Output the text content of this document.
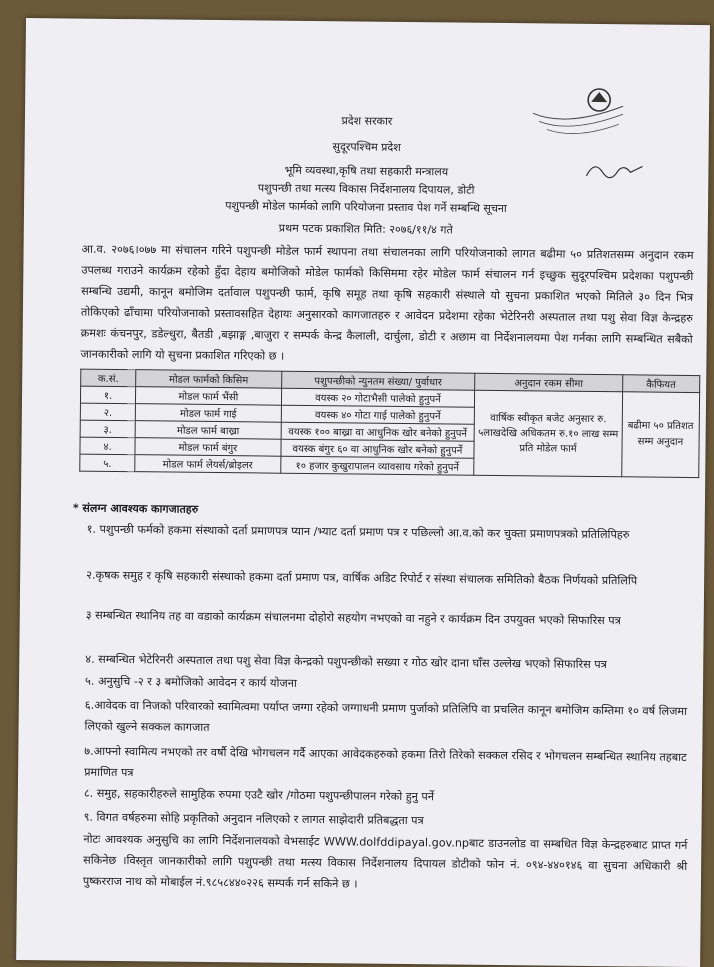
प्रदेश सरकार
सुदूरपश्चिम प्रदेश
भूमि व्यवस्था,कृषि तथा सहकारी मन्त्रालय
पशुपन्छी तथा मत्स्य विकास निर्देशनालय दिपायल, डोटी
पशुपन्छी मोडेल फार्मको लागि परियोजना प्रस्ताव पेश गर्ने सम्बन्धि सूचना
प्रथम पटक प्रकाशित मिति: २०७६/११/४ गते
आ.व. २०७६।०७७ मा संचालन गरिने पशुपन्छी मोडेल फार्म स्थापना तथा संचालनका लागि परियोजनाको लागत बढीमा ५० प्रतिशतसम्म अनुदान रकम उपलब्ध गराउने कार्यक्रम रहेको हुँदा देहाय बमोजिको मोडेल फार्मको किसिममा रहेर मोडेल फार्म संचालन गर्न इच्छुक सुदूरपश्चिम प्रदेशका पशुपन्छी सम्बन्धि उद्यमी, कानून बमोजिम दर्तावाल पशुपन्छी फार्म, कृषि समूह तथा कृषि सहकारी संस्थाले यो सुचना प्रकाशित भएको मितिले ३० दिन भित्र तोकिएको ढाँचामा परियोजनाको प्रस्तावसहित देहायः अनुसारको कागजातहरु र आवेदन प्रदेशमा रहेका भेटेरिनरी अस्पताल तथा पशु सेवा विज्ञ केन्द्रहरु क्रमशः कंचनपुर, डडेल्धुरा, बैतडी ,बझाङ्ग ,बाजुरा र सम्पर्क केन्द्र कैलाली, दार्चुला, डोटी र अछाम वा निर्देशनालयमा पेश गर्नका लागि सम्बन्धित सबैको जानकारीको लागि यो सुचना प्रकाशित गरिएको छ ।
क.सं.	मोडल फार्मको किसिम	पशुपन्छीको न्युनतम संख्या/ पुर्वाधार	अनुदान रकम सीमा	कैफियत
१.	मोडल फार्म भैंसी	वयस्क २० गोटाभैसी पालेको हुनुपर्ने	वार्षिक स्वीकृत बजेट अनुसार रु. ५लाखदेखि अधिकतम रु.१० लाख सम्म प्रति मोडेल फार्म	बढीमा ५० प्रतिशत सम्म अनुदान
२.	मोडल फार्म गाई	वयस्क ४० गोटा गाई पालेको हुनुपर्ने		
३.	मोडल फार्म बाख्रा	वयस्क १०० बाख्रा वा आधुनिक खोर बनेको हुनुपर्ने		
४.	मोडल फार्म बंगुर	वयस्क बंगुर ६० वा आधुनिक खोर बनेको हुनुपर्ने		
५.	मोडल फार्म लेयर्स/ब्रोइलर	१० हजार कुखुरापालन व्यावसाय गरेको हुनुपर्ने		
* संलग्न आवश्यक कागजातहरु
१. पशुपन्छी फर्मको हकमा संस्थाको दर्ता प्रमाणपत्र प्यान /भ्याट दर्ता प्रमाण पत्र र पछिल्लो आ.व.को कर चुक्ता प्रमाणपत्रको प्रतिलिपिहरु
२.कृषक समुह र कृषि सहकारी संस्थाको हकमा दर्ता प्रमाण पत्र, वार्षिक अडिट रिपोर्ट र संस्था संचालक समितिको बैठक निर्णयको प्रतिलिपि
३ सम्बन्धित स्थानिय तह वा वडाको कार्यक्रम संचालनमा दोहोरो सहयोग नभएको वा नहुने र कार्यक्रम दिन उपयुक्त भएको सिफारिस पत्र
४. सम्बन्धित भेटेरिनरी अस्पताल तथा पशु सेवा विज्ञ केन्द्रको पशुपन्छीको सख्या र गोठ खोर दाना घाँस उल्लेख भएको सिफारिस पत्र
५. अनुसुचि -२ र ३ बमोजिको आवेदन र कार्य योजना
६.आवेदक वा निजको परिवारको स्वामित्वमा पर्याप्त जग्गा रहेको जग्गाधनी प्रमाण पुर्जाको प्रतिलिपि वा प्रचलित कानून बमोजिम कम्तिमा १० वर्ष लिजमा लिएको खुल्ने सक्कल कागजात
७.आफ्नो स्वामित्य नभएको तर वर्षौ देखि भोगचलन गर्दै आएका आवेदकहरुको हकमा तिरो तिरेको सक्कल रसिद र भोगचलन सम्बन्धित स्थानिय तहबाट प्रमाणित पत्र
८. समुह, सहकारीहरुले सामुहिक रुपमा एउटै खोर /गोठमा पशुपन्छीपालन गरेको हुनु पर्ने
९. विगत वर्षहरुमा सोहि प्रकृतिको अनुदान नलिएको र लागत साझेदारी प्रतिबद्धता पत्र
नोटः आवश्यक अनुसुचि का लागि निर्देशनालयको वेभसाईट WWW.dolfddipayal.gov.npबाट डाउनलोड वा सम्बधित विज्ञ केन्द्रहरुबाट प्राप्त गर्न सकिनेछ ।विस्तृत जानकारीको लागि पशुपन्छी तथा मत्स्य विकास निर्देशनालय दिपायल डोटीको फोन नं. ०९४-४४०१४६ वा सुचना अधिकारी श्री पुष्करराज नाथ को मोबाईल नं.९८५८४४०२२६ सम्पर्क गर्न सकिने छ ।
